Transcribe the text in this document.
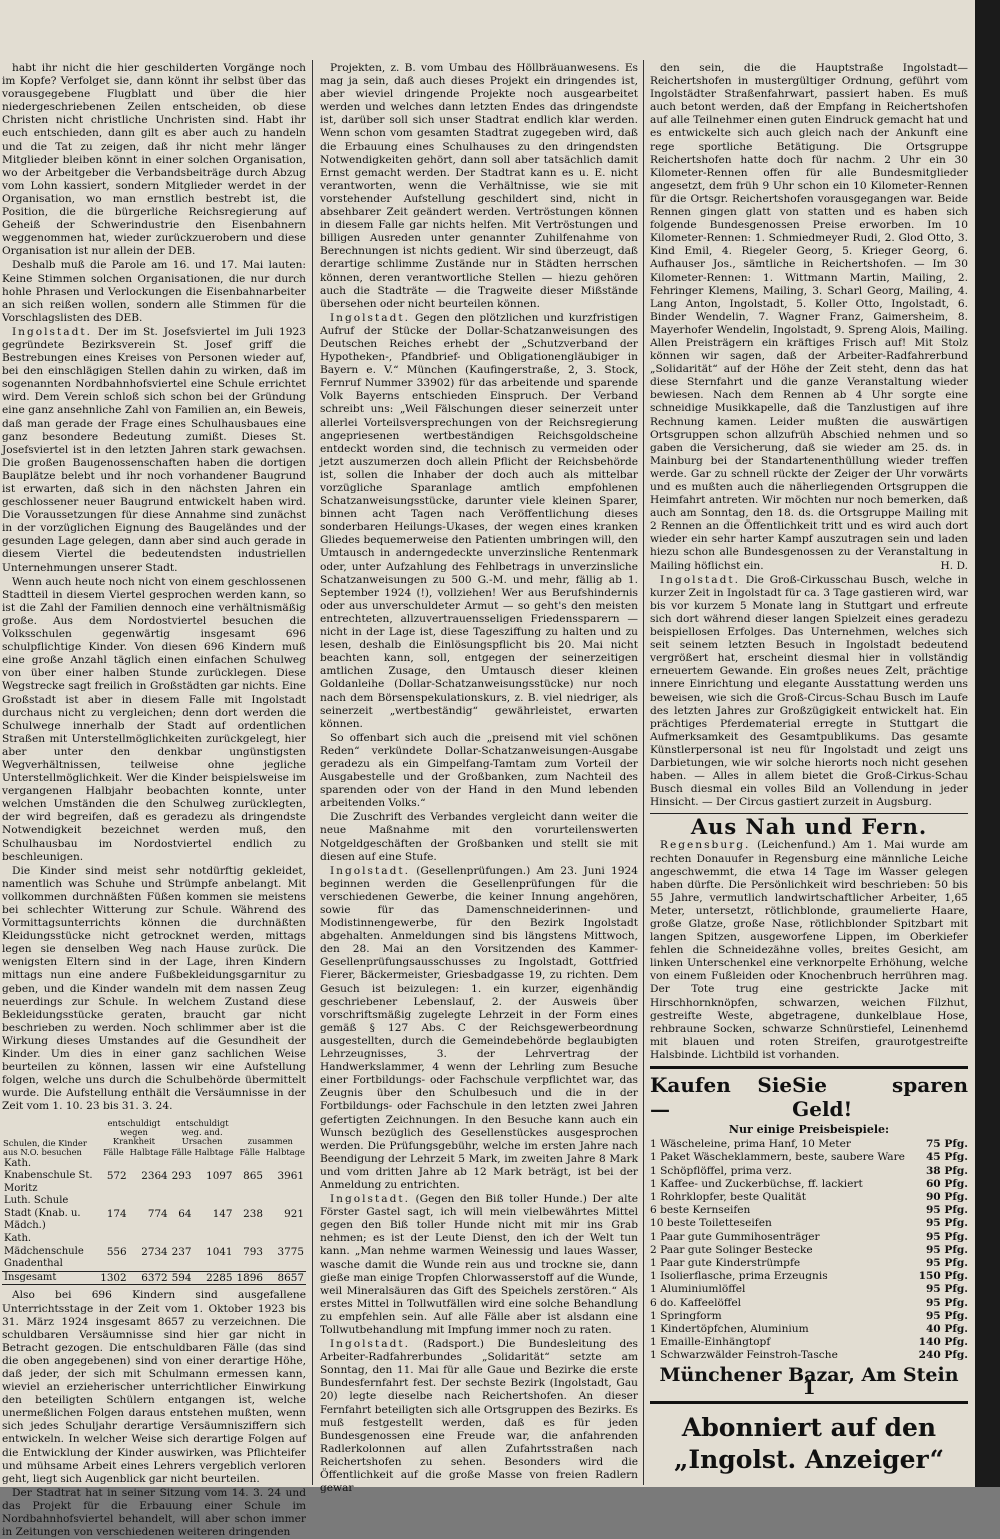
habt ihr nicht die hier geschilderten Vorgänge noch im Kopfe? Verfolget sie, dann könnt ihr selbst über das vorausgegebene Flugblatt und über die hier niedergeschriebenen Zeilen entscheiden, ob diese Christen nicht christliche Unchristen sind. Habt ihr euch entschieden, dann gilt es aber auch zu handeln und die Tat zu zeigen, daß ihr nicht mehr länger Mitglieder bleiben könnt in einer solchen Organisation, wo der Arbeitgeber die Verbandsbeiträge durch Abzug vom Lohn kassiert, sondern Mitglieder werdet in der Organisation, wo man ernstlich bestrebt ist, die Position, die die bürgerliche Reichsregierung auf Geheiß der Schwerindustrie den Eisenbahnern weggenommen hat, wieder zurückzuerobern und diese Organisation ist nur allein der DEB.

Deshalb muß die Parole am 16. und 17. Mai lauten: Keine Stimmen solchen Organisationen, die nur durch hohle Phrasen und Verlockungen die Eisenbahnarbeiter an sich reißen wollen, sondern alle Stimmen für die Vorschlagslisten des DEB.

Ingolstadt. Der im St. Josefsviertel im Juli 1923 gegründete Bezirksverein St. Josef griff die Bestrebungen eines Kreises von Personen wieder auf, bei den einschlägigen Stellen dahin zu wirken, daß im sogenannten Nordbahnhofsviertel eine Schule errichtet wird. Dem Verein schloß sich schon bei der Gründung eine ganz ansehnliche Zahl von Familien an, ein Beweis, daß man gerade der Frage eines Schulhausbaues eine ganz besondere Bedeutung zumißt. Dieses St. Josefsviertel ist in den letzten Jahren stark gewachsen. Die großen Baugenossenschaften haben die dortigen Bauplätze belebt und ihr noch vorhandener Baugrund ist erwarten, daß sich in den nächsten Jahren ein geschlossener neuer Baugrund entwickelt haben wird. Die Voraussetzungen für diese Annahme sind zunächst in der vorzüglichen Eignung des Baugeländes und der gesunden Lage gelegen, dann aber sind auch gerade in diesem Viertel die bedeutendsten industriellen Unternehmungen unserer Stadt.

Wenn auch heute noch nicht von einem geschlossenen Stadtteil in diesem Viertel gesprochen werden kann, so ist die Zahl der Familien dennoch eine verhältnismäßig große. Aus dem Nordostviertel besuchen die Volksschulen gegenwärtig insgesamt 696 schulpflichtige Kinder. Von diesen 696 Kindern muß eine große Anzahl täglich einen einfachen Schulweg von über einer halben Stunde zurücklegen. Diese Wegstrecke sagt freilich in Großstädten gar nichts. Eine Großstadt ist aber in diesem Falle mit Ingolstadt durchaus nicht zu vergleichen; denn dort werden die Schulwege innerhalb der Stadt auf ordentlichen Straßen mit Unterstellmöglichkeiten zurückgelegt, hier aber unter den denkbar ungünstigsten Wegverhältnissen, teilweise ohne jegliche Unterstellmöglichkeit. Wer die Kinder beispielsweise im vergangenen Halbjahr beobachten konnte, unter welchen Umständen die den Schulweg zurücklegten, der wird begreifen, daß es geradezu als dringendste Notwendigkeit bezeichnet werden muß, den Schulhausbau im Nordostviertel endlich zu beschleunigen.

Die Kinder sind meist sehr notdürftig gekleidet, namentlich was Schuhe und Strümpfe anbelangt. Mit vollkommen durchnäßten Füßen kommen sie meistens bei schlechter Witterung zur Schule. Während des Vormittagsunterrichts können die durchnäßten Kleidungsstücke nicht getrocknet werden, mittags legen sie denselben Weg nach Hause zurück. Die wenigsten Eltern sind in der Lage, ihren Kindern mittags nun eine andere Fußbekleidungsgarnitur zu geben, und die Kinder wandeln mit dem nassen Zeug neuerdings zur Schule. In welchem Zustand diese Bekleidungsstücke geraten, braucht gar nicht beschrieben zu werden. Noch schlimmer aber ist die Wirkung dieses Umstandes auf die Gesundheit der Kinder. Um dies in einer ganz sachlichen Weise beurteilen zu können, lassen wir eine Aufstellung folgen, welche uns durch die Schulbehörde übermittelt wurde. Die Aufstellung enthält die Versäumnisse in der Zeit vom 1. 10. 23 bis 31. 3. 24.

Schulen, die Kinder aus N.O. besuchen	entschuldigt wegen Krankheit		entschuldigt weg. and. Ursachen		zusammen	
	Fälle	Halbtage	Fälle	Halbtage	Fälle	Halbtage
Kath. Knabenschule St. Moritz	572	2364	293	1097	865	3961
Luth. Schule Stadt (Knab. u. Mädch.)	174	774	64	147	238	921
Kath. Mädchenschule Gnadenthal	556	2734	237	1041	793	3775
Insgesamt	1302	6372	594	2285	1896	8657

Also bei 696 Kindern sind ausgefallene Unterrichtsstage in der Zeit vom 1. Oktober 1923 bis 31. März 1924 insgesamt 8657 zu verzeichnen. Die schuldbaren Versäumnisse sind hier gar nicht in Betracht gezogen. Die entschuldbaren Fälle (das sind die oben angegebenen) sind von einer derartige Höhe, daß jeder, der sich mit Schulmann ermessen kann, wieviel an erzieherischer unterrichtlicher Einwirkung den beteiligten Schülern entgangen ist, welche unermeßlichen Folgen daraus entstehen mußten, wenn sich jedes Schuljahr derartige Versäumnisziffern sich entwickeln. In welcher Weise sich derartige Folgen auf die Entwicklung der Kinder auswirken, was Pflichteifer und mühsame Arbeit eines Lehrers vergeblich verloren geht, liegt sich Augenblick gar nicht beurteilen.

Der Stadtrat hat in seiner Sitzung vom 14. 3. 24 und das Projekt für die Erbauung einer Schule im Nordbahnhofsviertel behandelt, will aber schon immer in Zeitungen von verschiedenen weiteren dringenden

Projekten, z. B. vom Umbau des Höllbräuanwesens. Es mag ja sein, daß auch dieses Projekt ein dringendes ist, aber wieviel dringende Projekte noch ausgearbeitet werden und welches dann letzten Endes das dringendste ist, darüber soll sich unser Stadtrat endlich klar werden. Wenn schon vom gesamten Stadtrat zugegeben wird, daß die Erbauung eines Schulhauses zu den dringendsten Notwendigkeiten gehört, dann soll aber tatsächlich damit Ernst gemacht werden. Der Stadtrat kann es u. E. nicht verantworten, wenn die Verhältnisse, wie sie mit vorstehender Aufstellung geschildert sind, nicht in absehbarer Zeit geändert werden. Vertröstungen können in diesem Falle gar nichts helfen. Mit Vertröstungen und billigen Ausreden unter genannter Zuhilfenahme von Berechnungen ist nichts gedient. Wir sind überzeugt, daß derartige schlimme Zustände nur in Städten herrschen können, deren verantwortliche Stellen — hiezu gehören auch die Stadträte — die Tragweite dieser Mißstände übersehen oder nicht beurteilen können.

Ingolstadt. Gegen den plötzlichen und kurzfristigen Aufruf der Stücke der Dollar-Schatzanweisungen des Deutschen Reiches erhebt der „Schutzverband der Hypotheken-, Pfandbrief- und Obligationengläubiger in Bayern e. V.“ München (Kaufingerstraße, 2, 3. Stock, Fernruf Nummer 33902) für das arbeitende und sparende Volk Bayerns entschieden Einspruch. Der Verband schreibt uns: „Weil Fälschungen dieser seinerzeit unter allerlei Vorteilsversprechungen von der Reichsregierung angepriesenen wertbeständigen Reichsgoldscheine entdeckt worden sind, die technisch zu vermeiden oder jetzt auszumerzen doch allein Pflicht der Reichsbehörde ist, sollen die Inhaber der doch auch als mittelbar vorzügliche Sparanlage amtlich empfohlenen Schatzanweisungsstücke, darunter viele kleinen Sparer, binnen acht Tagen nach Veröffentlichung dieses sonderbaren Heilungs-Ukases, der wegen eines kranken Gliedes bequemerweise den Patienten umbringen will, den Umtausch in anderngedeckte unverzinsliche Rentenmark oder, unter Aufzahlung des Fehlbetrags in unverzinsliche Schatzanweisungen zu 500 G.-M. und mehr, fällig ab 1. September 1924 (!), vollziehen! Wer aus Berufshindernis oder aus unverschuldeter Armut — so geht's den meisten entrechteten, allzuvertrauensseligen Friedenssparern — nicht in der Lage ist, diese Tagesziffung zu halten und zu lesen, deshalb die Einlösungspflicht bis 20. Mai nicht beachten kann, soll, entgegen der seinerzeitigen amtlichen Zusage, den Umtausch dieser kleinen Goldanleihe (Dollar-Schatzanweisungsstücke) nur noch nach dem Börsenspekulationskurs, z. B. viel niedriger, als seinerzeit „wertbeständig“ gewährleistet, erwarten können.

So offenbart sich auch die „preisend mit viel schönen Reden“ verkündete Dollar-Schatzanweisungen-Ausgabe geradezu als ein Gimpelfang-Tamtam zum Vorteil der Ausgabestelle und der Großbanken, zum Nachteil des sparenden oder von der Hand in den Mund lebenden arbeitenden Volks.“

Die Zuschrift des Verbandes vergleicht dann weiter die neue Maßnahme mit den vorurteilenswerten Notgeldgeschäften der Großbanken und stellt sie mit diesen auf eine Stufe.

Ingolstadt. (Gesellenprüfungen.) Am 23. Juni 1924 beginnen werden die Gesellenprüfungen für die verschiedenen Gewerbe, die keiner Innung angehören, sowie für das Damenschneiderinnen- und Modistinnengewerbe, für den Bezirk Ingolstadt abgehalten. Anmeldungen sind bis längstens Mittwoch, den 28. Mai an den Vorsitzenden des Kammer-Gesellenprüfungsausschusses zu Ingolstadt, Gottfried Fierer, Bäckermeister, Griesbadgasse 19, zu richten. Dem Gesuch ist beizulegen: 1. ein kurzer, eigenhändig geschriebener Lebenslauf, 2. der Ausweis über vorschriftsmäßig zugelegte Lehrzeit in der Form eines gemäß § 127 Abs. C der Reichsgewerbeordnung ausgestellten, durch die Gemeindebehörde beglaubigten Lehrzeugnisses, 3. der Lehrvertrag der Handwerkslammer, 4 wenn der Lehrling zum Besuche einer Fortbildungs- oder Fachschule verpflichtet war, das Zeugnis über den Schulbesuch und die in der Fortbildungs- oder Fachschule in den letzten zwei Jahren gefertigten Zeichnungen. In den Besuche kann auch ein Wunsch bezüglich des Gesellenstückes ausgesprochen werden. Die Prüfungsgebühr, welche im ersten Jahre nach Beendigung der Lehrzeit 5 Mark, im zweiten Jahre 8 Mark und vom dritten Jahre ab 12 Mark beträgt, ist bei der Anmeldung zu entrichten.

Ingolstadt. (Gegen den Biß toller Hunde.) Der alte Förster Gastel sagt, ich will mein vielbewährtes Mittel gegen den Biß toller Hunde nicht mit mir ins Grab nehmen; es ist der Leute Dienst, den ich der Welt tun kann. „Man nehme warmen Weinessig und laues Wasser, wasche damit die Wunde rein aus und trockne sie, dann gieße man einige Tropfen Chlorwasserstoff auf die Wunde, weil Mineralsäuren das Gift des Speichels zerstören.“ Als erstes Mittel in Tollwutfällen wird eine solche Behandlung zu empfehlen sein. Auf alle Fälle aber ist alsdann eine Tollwutbehandlung mit Impfung immer noch zu raten.

Ingolstadt. (Radsport.) Die Bundesleitung des Arbeiter-Radfahrerbundes „Solidarität“ setzte am Sonntag, den 11. Mai für alle Gaue und Bezirke die erste Bundesfernfahrt fest. Der sechste Bezirk (Ingolstadt, Gau 20) legte dieselbe nach Reichertshofen. An dieser Fernfahrt beteiligten sich alle Ortsgruppen des Bezirks. Es muß festgestellt werden, daß es für jeden Bundesgenossen eine Freude war, die anfahrenden Radlerkolonnen auf allen Zufahrtsstraßen nach Reichertshofen zu sehen. Besonders wird die Öffentlichkeit auf die große Masse von freien Radlern gewar

den sein, die die Hauptstraße Ingolstadt—Reichertshofen in mustergültiger Ordnung, geführt vom Ingolstädter Straßenfahrwart, passiert haben. Es muß auch betont werden, daß der Empfang in Reichertshofen auf alle Teilnehmer einen guten Eindruck gemacht hat und es entwickelte sich auch gleich nach der Ankunft eine rege sportliche Betätigung. Die Ortsgruppe Reichertshofen hatte doch für nachm. 2 Uhr ein 30 Kilometer-Rennen offen für alle Bundesmitglieder angesetzt, dem früh 9 Uhr schon ein 10 Kilometer-Rennen für die Ortsgr. Reichertshofen vorausgegangen war. Beide Rennen gingen glatt von statten und es haben sich folgende Bundesgenossen Preise erworben. Im 10 Kilometer-Rennen: 1. Schmiedmeyer Rudi, 2. Glod Otto, 3. Kind Emil, 4. Riegeler Georg, 5. Krieger Georg, 6. Aufhauser Jos., sämtliche in Reichertshofen. — Im 30 Kilometer-Rennen: 1. Wittmann Martin, Mailing, 2. Fehringer Klemens, Mailing, 3. Scharl Georg, Mailing, 4. Lang Anton, Ingolstadt, 5. Koller Otto, Ingolstadt, 6. Binder Wendelin, 7. Wagner Franz, Gaimersheim, 8. Mayerhofer Wendelin, Ingolstadt, 9. Spreng Alois, Mailing. Allen Preisträgern ein kräftiges Frisch auf! Mit Stolz können wir sagen, daß der Arbeiter-Radfahrerbund „Solidarität“ auf der Höhe der Zeit steht, denn das hat diese Sternfahrt und die ganze Veranstaltung wieder bewiesen. Nach dem Rennen ab 4 Uhr sorgte eine schneidige Musikkapelle, daß die Tanzlustigen auf ihre Rechnung kamen. Leider mußten die auswärtigen Ortsgruppen schon allzufrüh Abschied nehmen und so gaben die Versicherung, daß sie wieder am 25. ds. in Mainburg bei der Standartenenthüllung wieder treffen werde. Gar zu schnell rückte der Zeiger der Uhr vorwärts und es mußten auch die näherliegenden Ortsgruppen die Heimfahrt antreten. Wir möchten nur noch bemerken, daß auch am Sonntag, den 18. ds. die Ortsgruppe Mailing mit 2 Rennen an die Öffentlichkeit tritt und es wird auch dort wieder ein sehr harter Kampf auszutragen sein und laden hiezu schon alle Bundesgenossen zu der Veranstaltung in Mailing höflichst ein.	H. D.

Ingolstadt. Die Groß-Cirkusschau Busch, welche in kurzer Zeit in Ingolstadt für ca. 3 Tage gastieren wird, war bis vor kurzem 5 Monate lang in Stuttgart und erfreute sich dort während dieser langen Spielzeit eines geradezu beispiellosen Erfolges. Das Unternehmen, welches sich seit seinem letzten Besuch in Ingolstadt bedeutend vergrößert hat, erscheint diesmal hier in vollständig erneuertem Gewande. Ein großes neues Zelt, prächtige innere Einrichtung und elegante Ausstattung werden uns beweisen, wie sich die Groß-Circus-Schau Busch im Laufe des letzten Jahres zur Großzügigkeit entwickelt hat. Ein prächtiges Pferdematerial erregte in Stuttgart die Aufmerksamkeit des Gesamtpublikums. Das gesamte Künstlerpersonal ist neu für Ingolstadt und zeigt uns Darbietungen, wie wir solche hierorts noch nicht gesehen haben. — Alles in allem bietet die Groß-Cirkus-Schau Busch diesmal ein volles Bild an Vollendung in jeder Hinsicht. — Der Circus gastiert zurzeit in Augsburg.

Aus Nah und Fern.

Regensburg. (Leichenfund.) Am 1. Mai wurde am rechten Donauufer in Regensburg eine männliche Leiche angeschwemmt, die etwa 14 Tage im Wasser gelegen haben dürfte. Die Persönlichkeit wird beschrieben: 50 bis 55 Jahre, vermutlich landwirtschaftlicher Arbeiter, 1,65 Meter, untersetzt, rötlichblonde, graumelierte Haare, große Glatze, große Nase, rötlichblonder Spitzbart mit langen Spitzen, ausgeworfene Lippen, im Oberkiefer fehlen die Schneidezähne volles, breites Gesicht, am linken Unterschenkel eine verknorpelte Erhöhung, welche von einem Fußleiden oder Knochenbruch herrühren mag. Der Tote trug eine gestrickte Jacke mit Hirschhornknöpfen, schwarzen, weichen Filzhut, gestreifte Weste, abgetragene, dunkelblaue Hose, rehbraune Socken, schwarze Schnürstiefel, Leinenhemd mit blauen und roten Streifen, graurotgestreifte Halsbinde. Lichtbild ist vorhanden.

Kaufen Sie —
Sie sparen Geld!
Nur einige Preisbeispiele:
1 Wäscheleine, prima Hanf, 10 Meter	75 Pfg.
1 Paket Wäscheklammern, beste, saubere Ware	45 Pfg.
1 Schöpflöffel, prima verz.	38 Pfg.
1 Kaffee- und Zuckerbüchse, ff. lackiert	60 Pfg.
1 Rohrklopfer, beste Qualität	90 Pfg.
6 beste Kernseifen	95 Pfg.
10 beste Toiletteseifen	95 Pfg.
1 Paar gute Gummihosenträger	95 Pfg.
2 Paar gute Solinger Bestecke	95 Pfg.
1 Paar gute Kinderstrümpfe	95 Pfg.
1 Isolierflasche, prima Erzeugnis	150 Pfg.
1 Aluminiumlöffel	95 Pfg.
6 do. Kaffeelöffel	95 Pfg.
1 Springform	95 Pfg.
1 Kindertöpfchen, Aluminium	40 Pfg.
1 Emaille-Einhängtopf	140 Pfg.
1 Schwarzwälder Feinstroh-Tasche	240 Pfg.
Münchener Bazar, Am Stein 1
Abonniert auf den
„Ingolst. Anzeiger“
